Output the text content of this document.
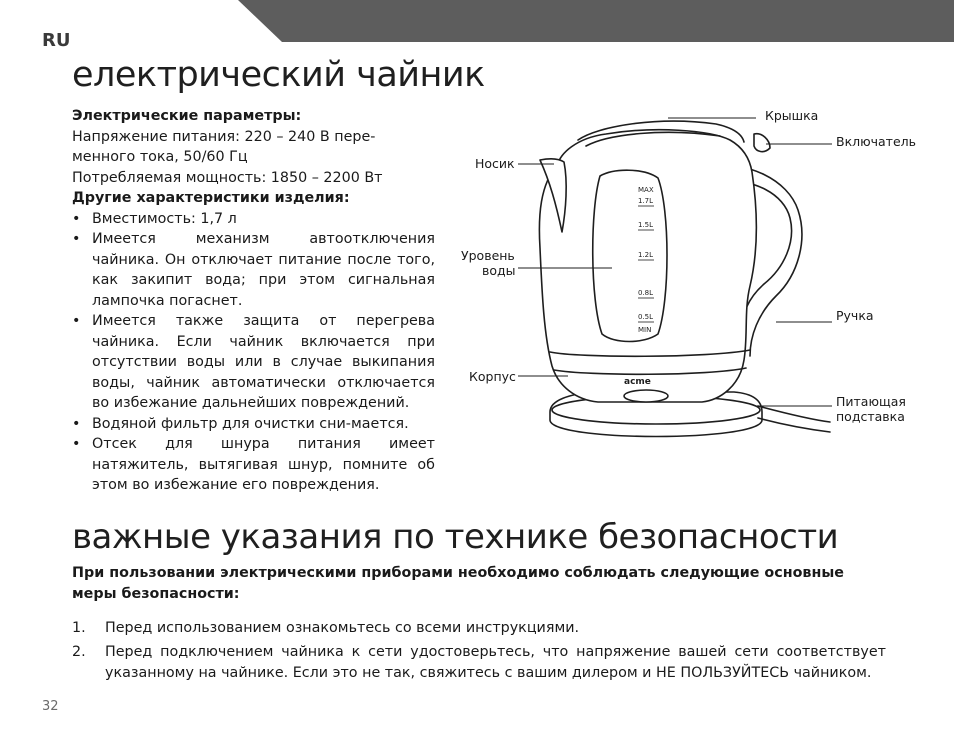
RU
електрический чайник

Электрические параметры:

Напряжение питания: 220 – 240 В пере-менного тока, 50/60 Гц

Потребляемая мощность: 1850 – 2200 Вт

Другие характеристики изделия:

• Вместимость: 1,7 л
• Имеется механизм автоотключения чайника. Он отключает питание после того, как закипит вода; при этом сигнальная лампочка погаснет.
• Имеется также защита от перегрева чайника. Если чайник включается при отсутствии воды или в случае выкипания воды, чайник автоматически отключается во избежание дальнейших повреждений.
• Водяной фильтр для очистки сни-мается.
• Отсек для шнура питания имеет натяжитель, вытягивая шнур, помните об этом во избежание его повреждения.
MAX
1.7L
1.5L
1.2L
0.8L
0.5L
MIN
acme
Крышка
Включатель
Носик
Уровень
воды
Ручка
Корпус
Питающая
подставка
важные указания по технике безопасности
При пользовании электрическими приборами необходимо соблюдать следующие основные меры безопасности:
1. Перед использованием ознакомьтесь со всеми инструкциями.
2. Перед подключением чайника к сети удостоверьтесь, что напряжение вашей сети соответствует указанному на чайнике. Если это не так, свяжитесь с вашим дилером и НЕ ПОЛЬЗУЙТЕСЬ чайником.
32
